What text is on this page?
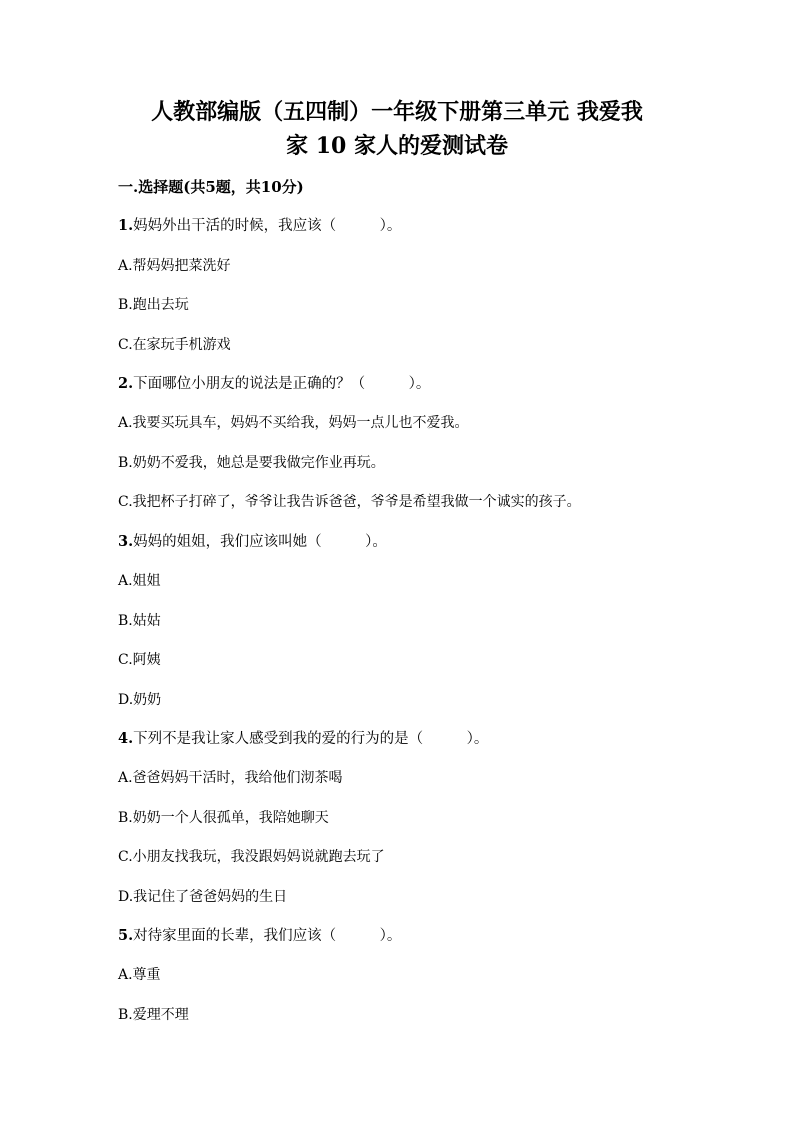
人教部编版（五四制）一年级下册第三单元 我爱我
家 10 家人的爱测试卷
一.选择题(共5题，共10分)
1.妈妈外出干活的时候，我应该（　　　）。
A.帮妈妈把菜洗好
B.跑出去玩
C.在家玩手机游戏
2.下面哪位小朋友的说法是正确的？（　　　）。
A.我要买玩具车，妈妈不买给我，妈妈一点儿也不爱我。
B.奶奶不爱我，她总是要我做完作业再玩。
C.我把杯子打碎了，爷爷让我告诉爸爸，爷爷是希望我做一个诚实的孩子。
3.妈妈的姐姐，我们应该叫她（　　　）。
A.姐姐
B.姑姑
C.阿姨
D.奶奶
4.下列不是我让家人感受到我的爱的行为的是（　　　）。
A.爸爸妈妈干活时，我给他们沏茶喝
B.奶奶一个人很孤单，我陪她聊天
C.小朋友找我玩，我没跟妈妈说就跑去玩了
D.我记住了爸爸妈妈的生日
5.对待家里面的长辈，我们应该（　　　）。
A.尊重
B.爱理不理
